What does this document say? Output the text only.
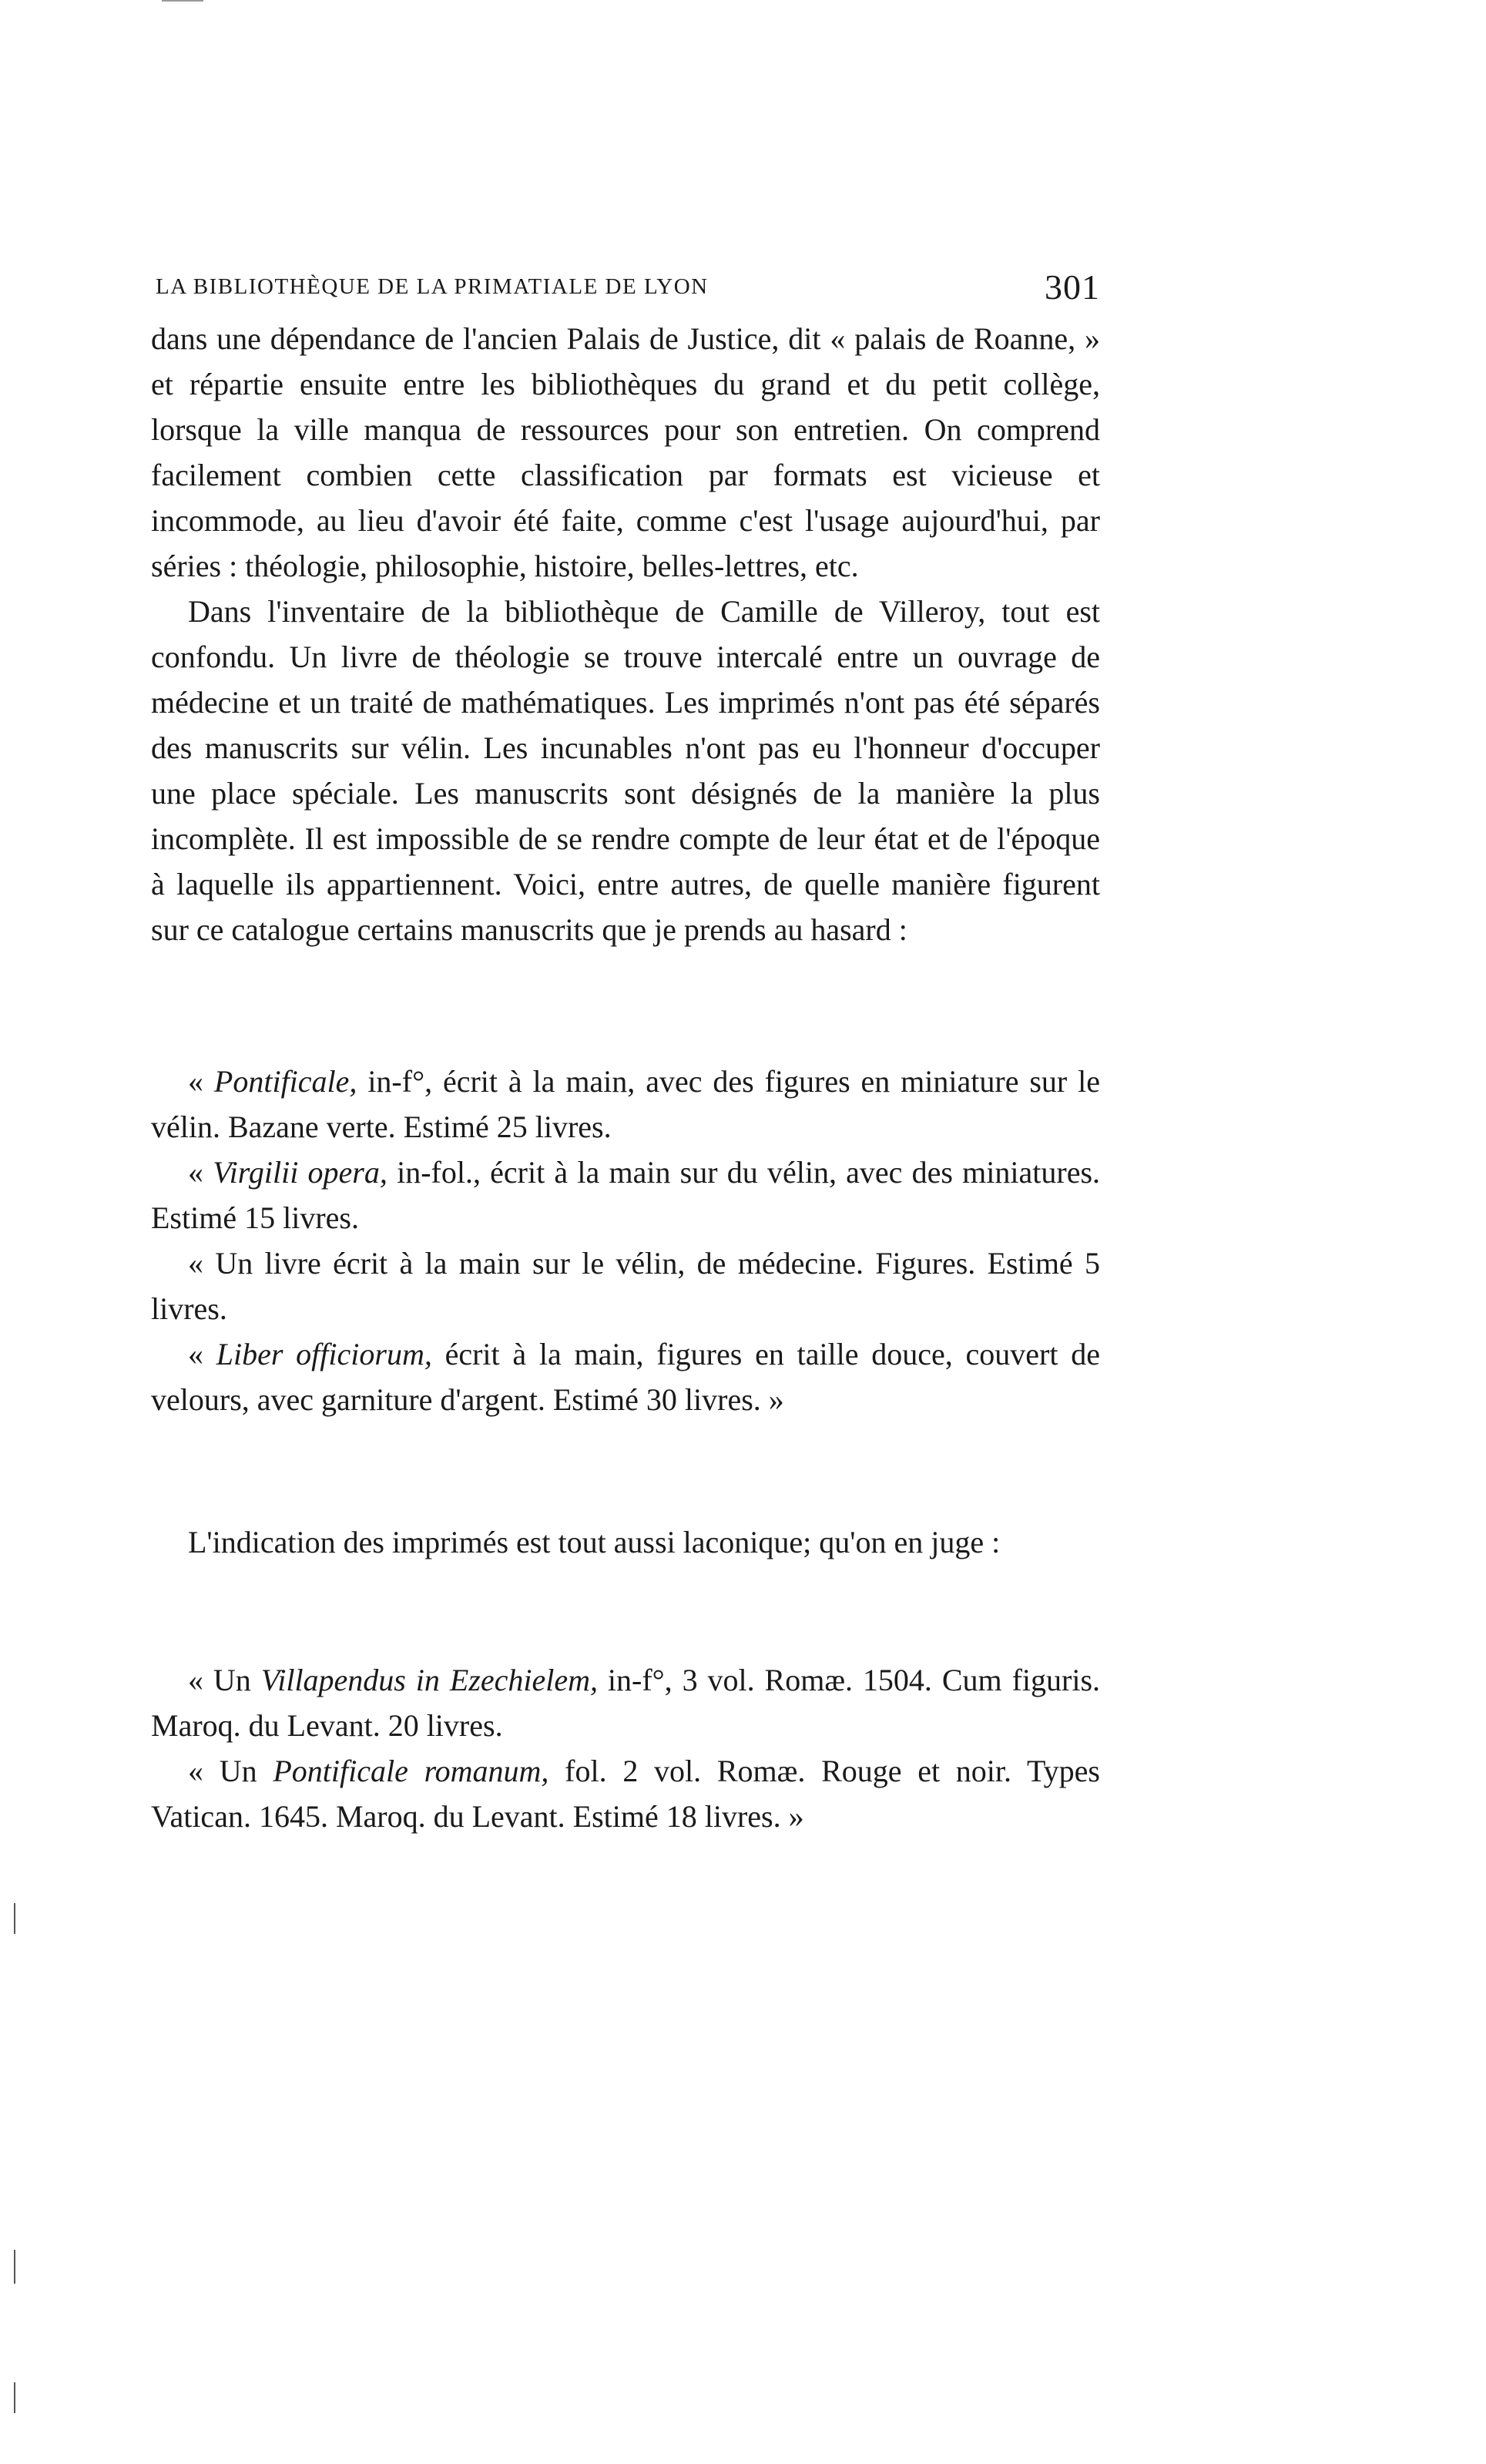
LA BIBLIOTHÈQUE DE LA PRIMATIALE DE LYON	301

dans une dépendance de l'ancien Palais de Justice, dit « palais de Roanne, » et répartie ensuite entre les bibliothèques du grand et du petit collège, lorsque la ville manqua de ressources pour son entretien. On comprend facilement combien cette classification par formats est vicieuse et incommode, au lieu d'avoir été faite, comme c'est l'usage aujourd'hui, par séries : théologie, philosophie, histoire, belles-lettres, etc.

Dans l'inventaire de la bibliothèque de Camille de Villeroy, tout est confondu. Un livre de théologie se trouve intercalé entre un ouvrage de médecine et un traité de mathématiques. Les imprimés n'ont pas été séparés des manuscrits sur vélin. Les incunables n'ont pas eu l'honneur d'occuper une place spéciale. Les manuscrits sont désignés de la manière la plus incomplète. Il est impossible de se rendre compte de leur état et de l'époque à laquelle ils appartiennent. Voici, entre autres, de quelle manière figurent sur ce catalogue certains manuscrits que je prends au hasard :

« Pontificale, in-f°, écrit à la main, avec des figures en miniature sur le vélin. Bazane verte. Estimé 25 livres.

« Virgilii opera, in-fol., écrit à la main sur du vélin, avec des miniatures. Estimé 15 livres.

« Un livre écrit à la main sur le vélin, de médecine. Figures. Estimé 5 livres.

« Liber officiorum, écrit à la main, figures en taille douce, couvert de velours, avec garniture d'argent. Estimé 30 livres. »

L'indication des imprimés est tout aussi laconique; qu'on en juge :

« Un Villapendus in Ezechielem, in-f°, 3 vol. Romæ. 1504. Cum figuris. Maroq. du Levant. 20 livres.

« Un Pontificale romanum, fol. 2 vol. Romæ. Rouge et noir. Types Vatican. 1645. Maroq. du Levant. Estimé 18 livres. »
